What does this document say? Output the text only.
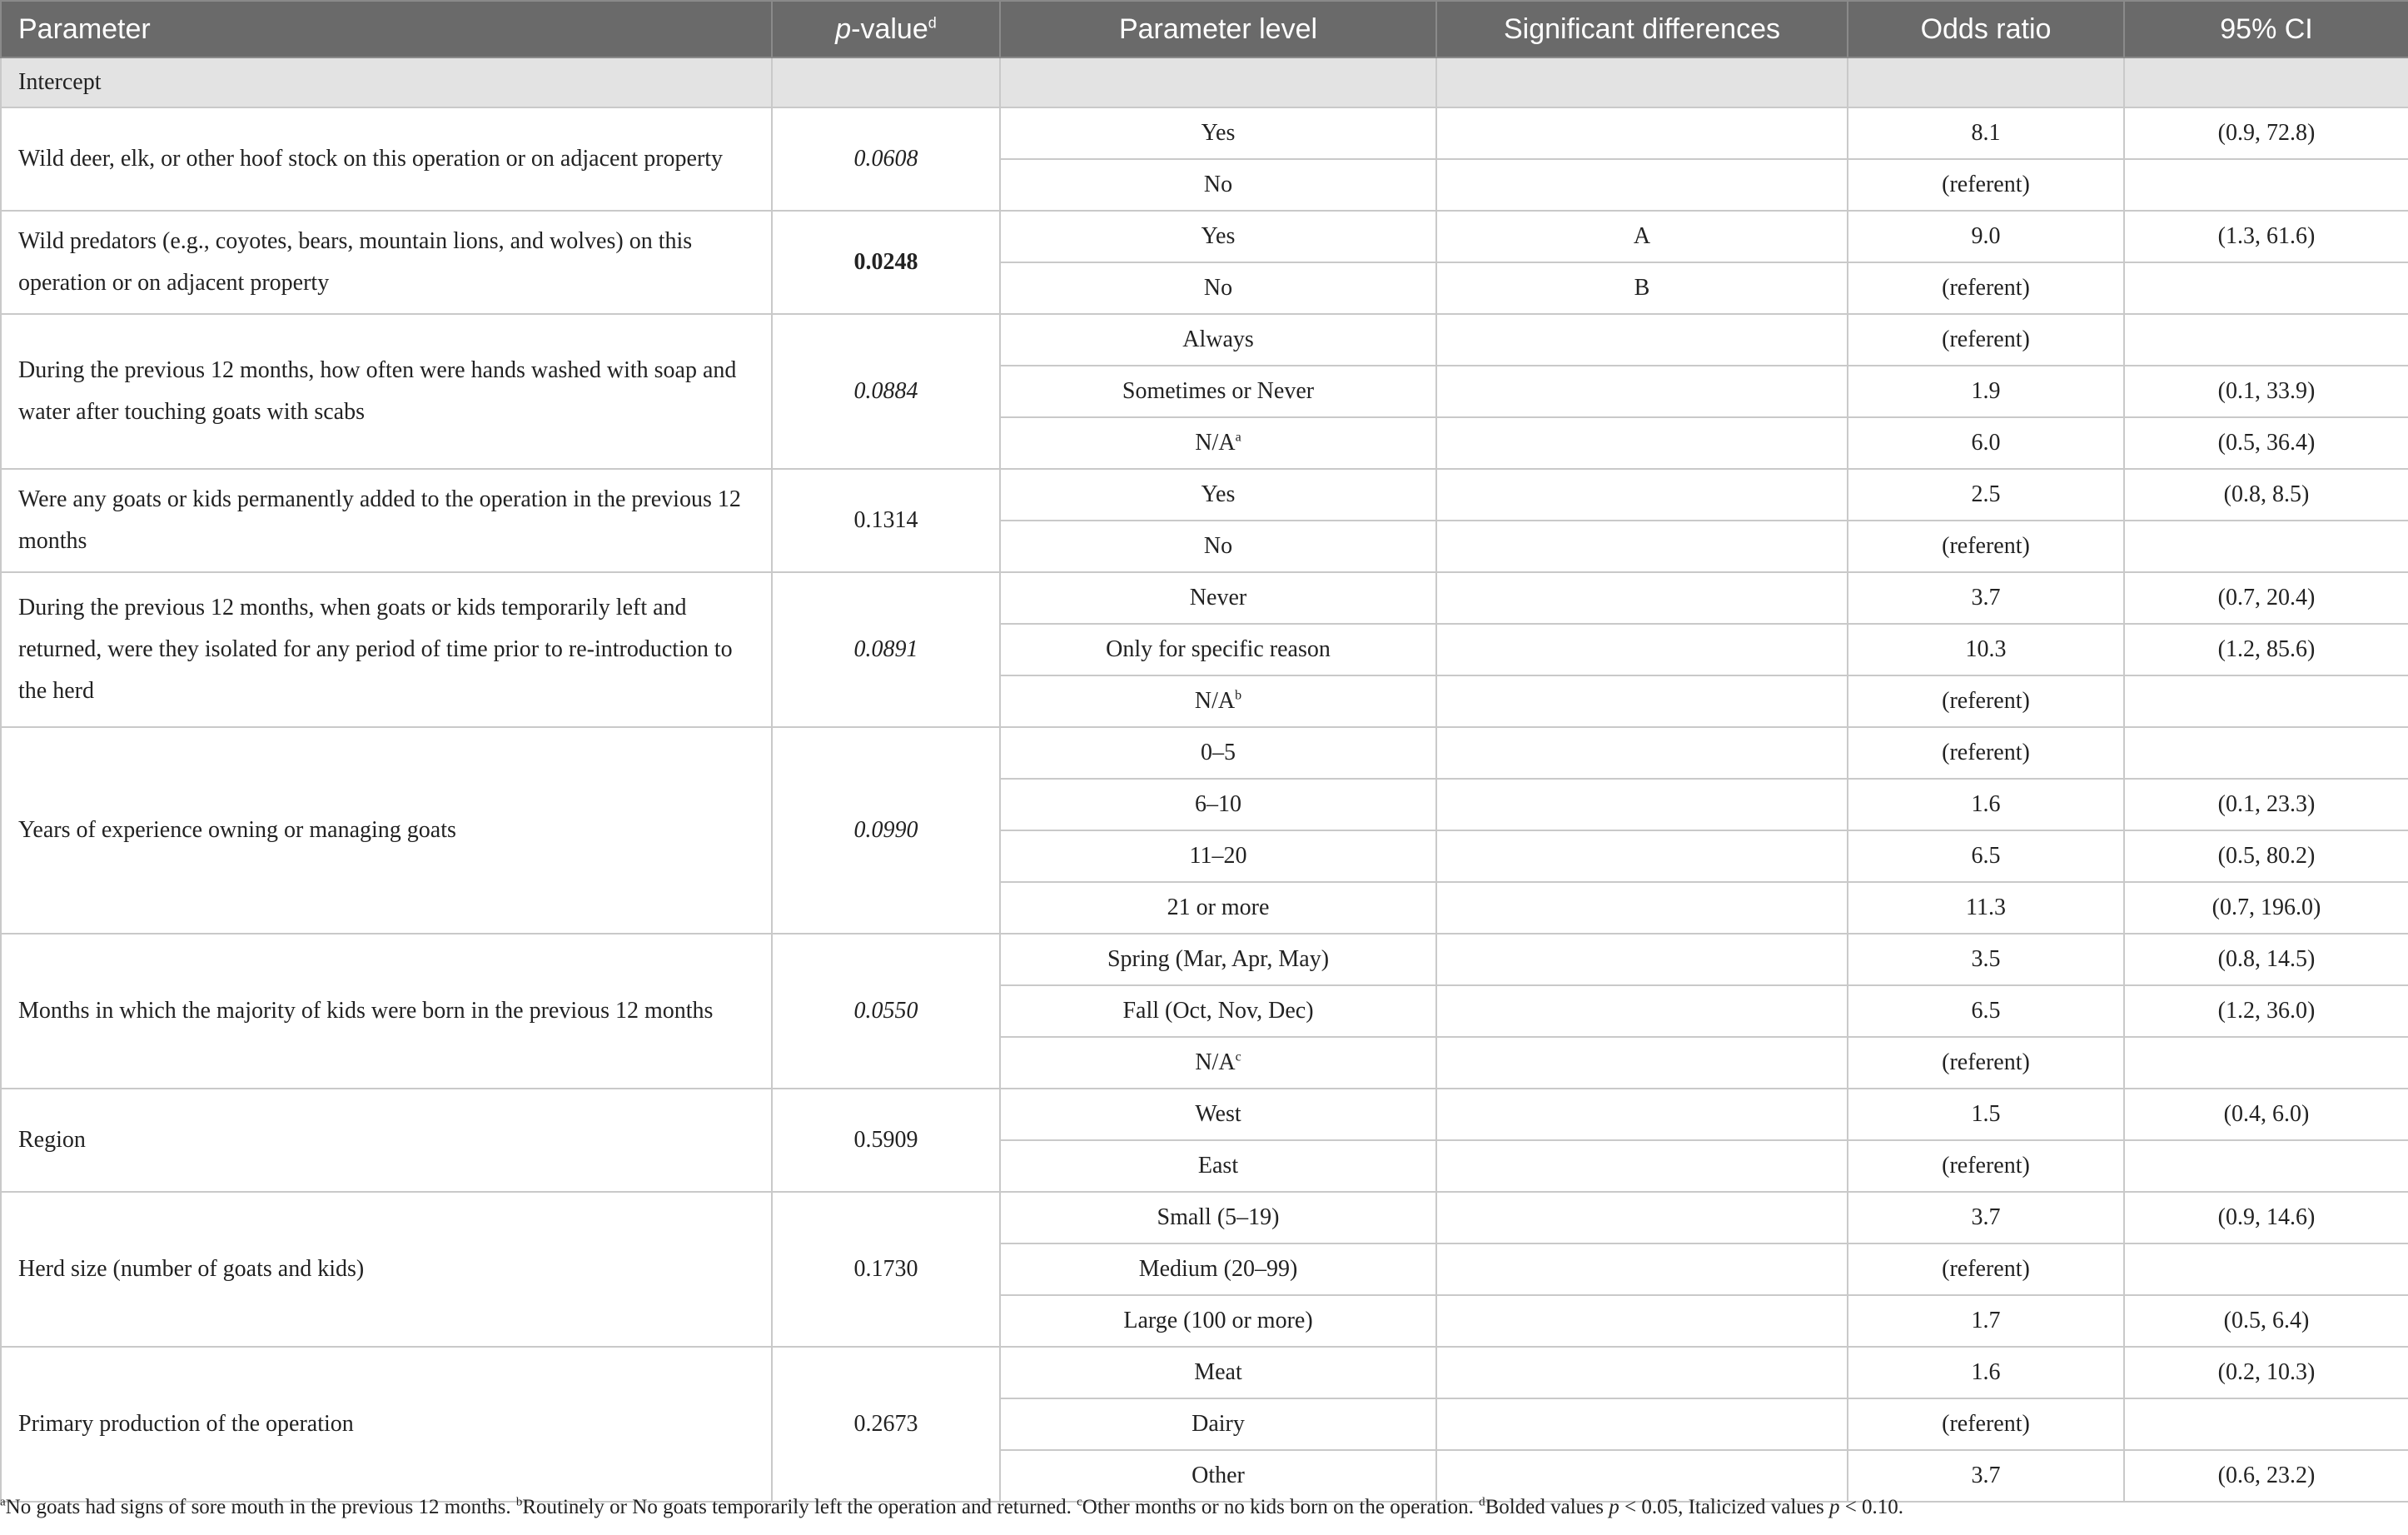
Parameter	p-value$^d$	Parameter level	Significant differences	Odds ratio	95% CI
Intercept					
Wild deer, elk, or other hoof stock on this operation or on adjacent property	0.0608	Yes		8.1	(0.9, 72.8)
		No		(referent)	
Wild predators (e.g., coyotes, bears, mountain lions, and wolves) on this operation or on adjacent property	0.0248	Yes	A	9.0	(1.3, 61.6)
		No	B	(referent)	
During the previous 12 months, how often were hands washed with soap and water after touching goats with scabs	0.0884	Always		(referent)	
		Sometimes or Never		1.9	(0.1, 33.9)
		$N/A^a$		6.0	(0.5, 36.4)
Were any goats or kids permanently added to the operation in the previous 12 months	0.1314	Yes		2.5	(0.8, 8.5)
		No		(referent)	
During the previous 12 months, when goats or kids temporarily left and returned, were they isolated for any period of time prior to re-introduction to the herd	0.0891	Never		3.7	(0.7, 20.4)
		Only for specific reason		10.3	(1.2, 85.6)
		$N/A^b$		(referent)	
Years of experience owning or managing goats	0.0990	0–5		(referent)	
		6–10		1.6	(0.1, 23.3)
		11–20		6.5	(0.5, 80.2)
		21 or more		11.3	(0.7, 196.0)
Months in which the majority of kids were born in the previous 12 months	0.0550	Spring (Mar, Apr, May)		3.5	(0.8, 14.5)
		Fall (Oct, Nov, Dec)		6.5	(1.2, 36.0)
		$N/A^c$		(referent)	
Region	0.5909	West		1.5	(0.4, 6.0)
		East		(referent)	
Herd size (number of goats and kids)	0.1730	Small (5–19)		3.7	(0.9, 14.6)
		Medium (20–99)		(referent)	
		Large (100 or more)		1.7	(0.5, 6.4)
Primary production of the operation	0.2673	Meat		1.6	(0.2, 10.3)
		Dairy		(referent)	
		Other		3.7	(0.6, 23.2)
$^a$No goats had signs of sore mouth in the previous 12 months. $^b$Routinely or No goats temporarily left the operation and returned. $^c$Other months or no kids born on the operation. $^d$Bolded values p < 0.05, Italicized values p < 0.10.
